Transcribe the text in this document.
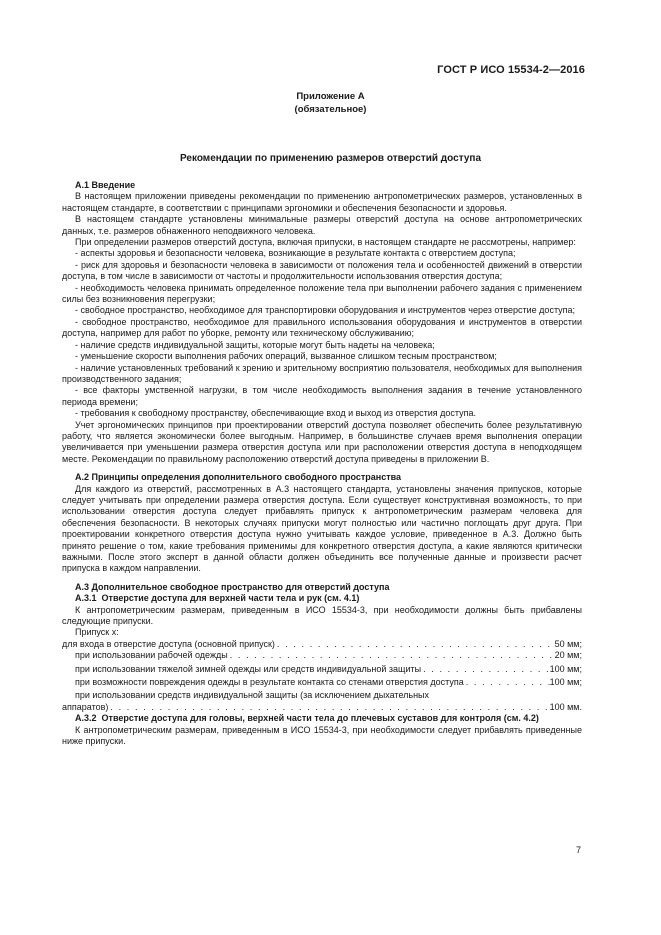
ГОСТ Р ИСО 15534-2—2016
Приложение А
(обязательное)
Рекомендации по применению размеров отверстий доступа

А.1 Введение

В настоящем приложении приведены рекомендации по применению антропометрических размеров, установленных в настоящем стандарте, в соответствии с принципами эргономики и обеспечения безопасности и здоровья.

В настоящем стандарте установлены минимальные размеры отверстий доступа на основе антропометрических данных, т.е. размеров обнаженного неподвижного человека.

При определении размеров отверстий доступа, включая припуски, в настоящем стандарте не рассмотрены, например:

- аспекты здоровья и безопасности человека, возникающие в результате контакта с отверстием доступа;

- риск для здоровья и безопасности человека в зависимости от положения тела и особенностей движений в отверстии доступа, в том числе в зависимости от частоты и продолжительности использования отверстия доступа;

- необходимость человека принимать определенное положение тела при выполнении рабочего задания с применением силы без возникновения перегрузки;

- свободное пространство, необходимое для транспортировки оборудования и инструментов через отверстие доступа;

- свободное пространство, необходимое для правильного использования оборудования и инструментов в отверстии доступа, например для работ по уборке, ремонту или техническому обслуживанию;

- наличие средств индивидуальной защиты, которые могут быть надеты на человека;

- уменьшение скорости выполнения рабочих операций, вызванное слишком тесным пространством;

- наличие установленных требований к зрению и зрительному восприятию пользователя, необходимых для выполнения производственного задания;

- все факторы умственной нагрузки, в том числе необходимость выполнения задания в течение установленного периода времени;

- требования к свободному пространству, обеспечивающие вход и выход из отверстия доступа.

Учет эргономических принципов при проектировании отверстий доступа позволяет обеспечить более результативную работу, что является экономически более выгодным. Например, в большинстве случаев время выполнения операции увеличивается при уменьшении размера отверстия доступа или при расположении отверстия доступа в неподходящем месте. Рекомендации по правильному расположению отверстий доступа приведены в приложении В.

А.2 Принципы определения дополнительного свободного пространства

Для каждого из отверстий, рассмотренных в А.3 настоящего стандарта, установлены значения припусков, которые следует учитывать при определении размера отверстия доступа. Если существует конструктивная возможность, то при использовании отверстия доступа следует прибавлять припуск к антропометрическим размерам человека для обеспечения безопасности. В некоторых случаях припуски могут полностью или частично поглощать друг друга. При проектировании конкретного отверстия доступа нужно учитывать каждое условие, приведенное в А.3. Должно быть принято решение о том, какие требования применимы для конкретного отверстия доступа, а какие являются критически важными. После этого эксперт в данной области должен объединить все полученные данные и произвести расчет припуска в каждом направлении.

А.3 Дополнительное свободное пространство для отверстий доступа

А.3.1 Отверстие доступа для верхней части тела и рук (см. 4.1)

К антропометрическим размерам, приведенным в ИСО 15534-3, при необходимости должны быть прибавлены следующие припуски.

Припуск x:

для входа в отверстие доступа (основной припуск) . . .	50 мм;
при использовании рабочей одежды . . .	20 мм;
при использовании тяжелой зимней одежды или средств индивидуальной защиты . . .	100 мм;
при возможности повреждения одежды в результате контакта со стенами отверстия доступа . . .	100 мм;

при использовании средств индивидуальной защиты (за исключением дыхательных

аппаратов) . . .	100 мм.

А.3.2 Отверстие доступа для головы, верхней части тела до плечевых суставов для контроля (см. 4.2)

К антропометрическим размерам, приведенным в ИСО 15534-3, при необходимости следует прибавлять приведенные ниже припуски.

7
